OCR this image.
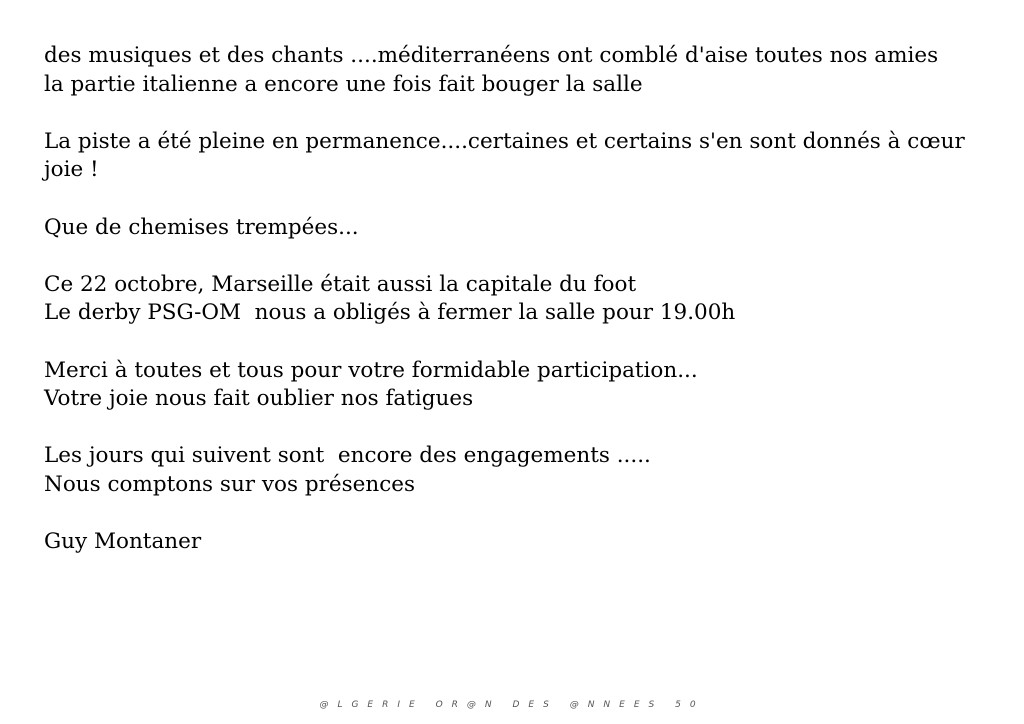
des musiques et des chants ....méditerranéens ont comblé d'aise toutes nos amies
la partie italienne a encore une fois fait bouger la salle

La piste a été pleine en permanence....certaines et certains s'en sont donnés à cœur joie !

Que de chemises trempées...

Ce 22 octobre, Marseille était aussi la capitale du foot
Le derby PSG-OM  nous a obligés à fermer la salle pour 19.00h

Merci à toutes et tous pour votre formidable participation...
Votre joie nous fait oublier nos fatigues

Les jours qui suivent sont  encore des engagements .....
Nous comptons sur vos présences

Guy Montaner

@LGERIE OR@N DES @NNEES 50
